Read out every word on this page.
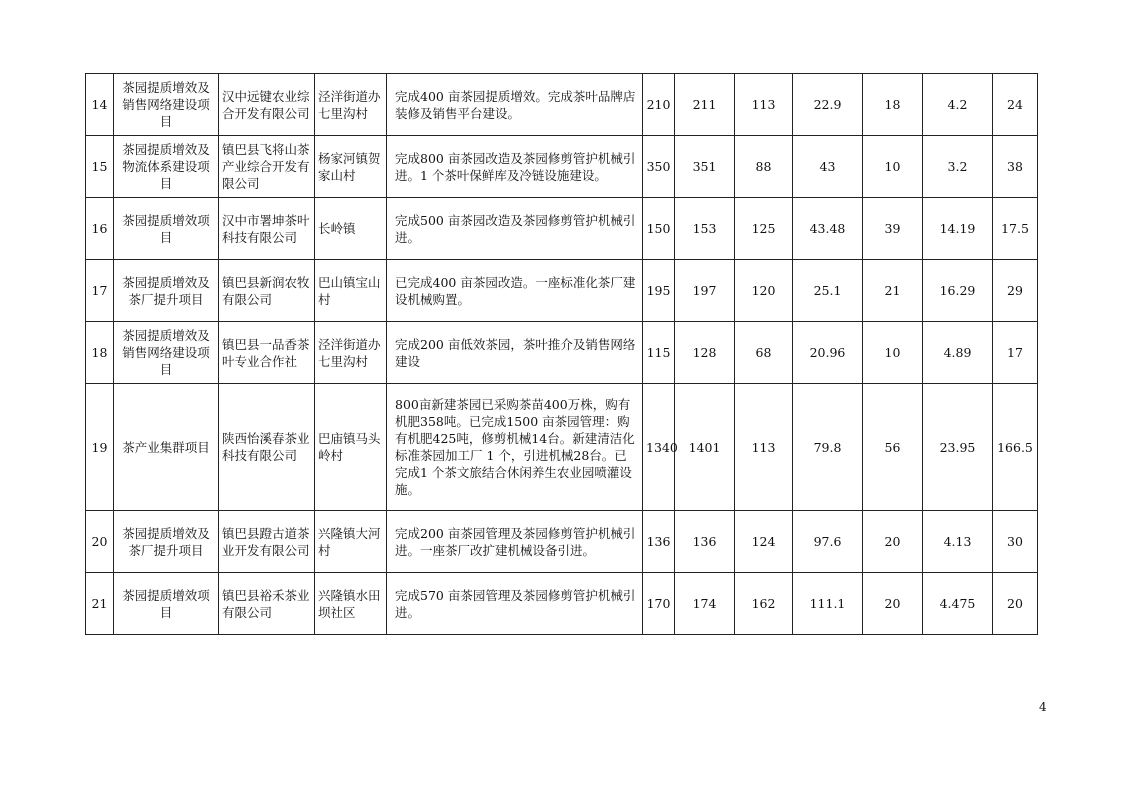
14	茶园提质增效及销售网络建设项目	汉中远键农业综合开发有限公司	泾洋街道办七里沟村	完成400 亩茶园提质增效。完成茶叶品牌店装修及销售平台建设。	210	211	113	22.9	18	4.2	24
15	茶园提质增效及物流体系建设项目	镇巴县飞将山茶产业综合开发有限公司	杨家河镇贺家山村	完成800 亩茶园改造及茶园修剪管护机械引进。1 个茶叶保鲜库及冷链设施建设。	350	351	88	43	10	3.2	38
16	茶园提质增效项目	汉中市署坤茶叶科技有限公司	长岭镇	完成500 亩茶园改造及茶园修剪管护机械引进。	150	153	125	43.48	39	14.19	17.5
17	茶园提质增效及茶厂提升项目	镇巴县新润农牧有限公司	巴山镇宝山村	已完成400 亩茶园改造。一座标准化茶厂建设机械购置。	195	197	120	25.1	21	16.29	29
18	茶园提质增效及销售网络建设项目	镇巴县一品香茶叶专业合作社	泾洋街道办七里沟村	完成200 亩低效茶园，茶叶推介及销售网络建设	115	128	68	20.96	10	4.89	17
19	茶产业集群项目	陕西怡溪春茶业科技有限公司	巴庙镇马头岭村	800亩新建茶园已采购茶苗400万株，购有机肥358吨。已完成1500 亩茶园管理：购有机肥425吨，修剪机械14台。新建清洁化标准茶园加工厂 1 个，引进机械28台。已完成1 个茶文旅结合休闲养生农业园喷灌设施。	1340	1401	113	79.8	56	23.95	166.5
20	茶园提质增效及茶厂提升项目	镇巴县蹬古道茶业开发有限公司	兴隆镇大河村	完成200 亩茶园管理及茶园修剪管护机械引进。一座茶厂改扩建机械设备引进。	136	136	124	97.6	20	4.13	30
21	茶园提质增效项目	镇巴县裕禾茶业有限公司	兴隆镇水田坝社区	完成570 亩茶园管理及茶园修剪管护机械引进。	170	174	162	111.1	20	4.475	20
4
